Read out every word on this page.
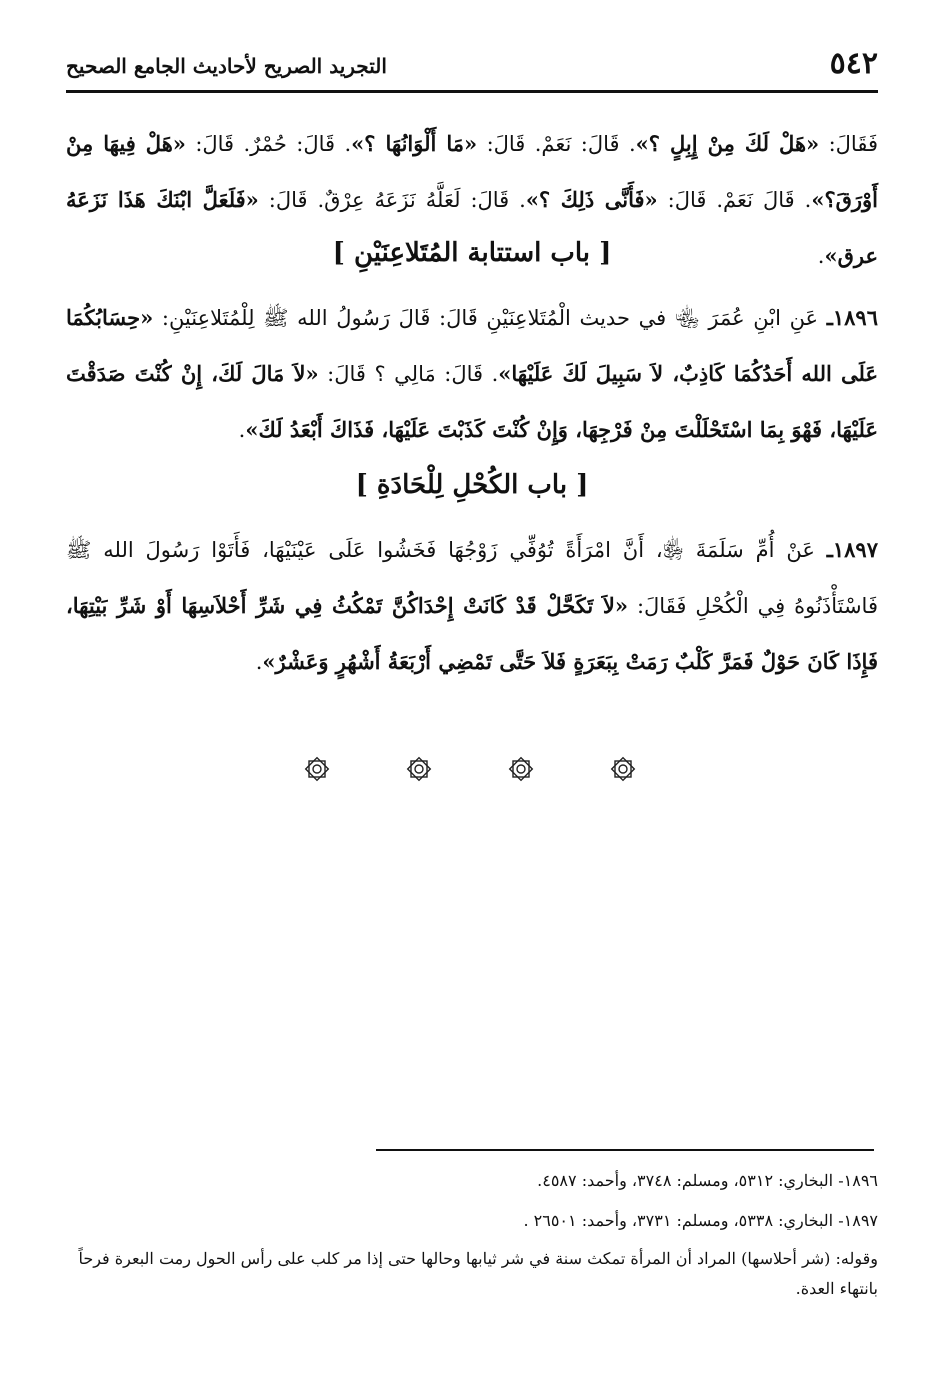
٥٤٢
التجريد الصريح لأحاديث الجامع الصحيح

فَقَالَ: «هَلْ لَكَ مِنْ إِبِلٍ ؟». قَالَ: نَعَمْ. قَالَ: «مَا أَلْوَانُهَا ؟». قَالَ: حُمْرٌ. قَالَ: «هَلْ فِيهَا مِنْ أَوْرَقَ؟». قَالَ نَعَمْ. قَالَ: «فَأَنَّى ذَلِكَ ؟». قَالَ: لَعَلَّهُ نَزَعَهُ عِرْقٌ. قَالَ: «فَلَعَلَّ ابْنَكَ هَذَا نَزَعَهُ عرق».

[ باب استتابة المُتَلاعِنَيْنِ ]

١٨٩٦ـ عَنِ ابْنِ عُمَرَ ﵄ في حديث الْمُتَلاعِنَيْنِ قَالَ: قَالَ رَسُولُ الله ﷺ لِلْمُتَلاعِنَيْنِ: «حِسَابُكُمَا عَلَى الله أَحَدُكُمَا كَاذِبٌ، لاَ سَبِيلَ لَكَ عَلَيْهَا». قَالَ: مَالِي ؟ قَالَ: «لاَ مَالَ لَكَ، إِنْ كُنْتَ صَدَقْتَ عَلَيْهَا، فَهْوَ بِمَا اسْتَحْلَلْتَ مِنْ فَرْجِهَا، وَإِنْ كُنْتَ كَذَبْتَ عَلَيْهَا، فَذَاكَ أَبْعَدُ لَكَ».

[ باب الكُحْلِ لِلْحَادَةِ ]

١٨٩٧ـ عَنْ أُمِّ سَلَمَةَ ﵂، أَنَّ امْرَأَةً تُوُفِّي زَوْجُهَا فَخَشُوا عَلَى عَيْنَيْهَا، فَأَتَوْا رَسُولَ الله ﷺ فَاسْتَأْذَنُوهُ فِي الْكُحْلِ فَقَالَ: «لاَ تَكَحَّلْ قَدْ كَانَتْ إِحْدَاكُنَّ تَمْكُثُ فِي شَرِّ أَحْلاَسِهَا أَوْ شَرِّ بَيْتِهَا، فَإِذَا كَانَ حَوْلٌ فَمَرَّ كَلْبٌ رَمَتْ بِبَعَرَةٍ فَلاَ حَتَّى تَمْضِي أَرْبَعَةُ أَشْهُرٍ وَعَشْرٌ».

١٨٩٦- البخاري: ٥٣١٢، ومسلم: ٣٧٤٨، وأحمد: ٤٥٨٧.

١٨٩٧- البخاري: ٥٣٣٨، ومسلم: ٣٧٣١، وأحمد: ٢٦٥٠١ .

وقوله: (شر أحلاسها) المراد أن المرأة تمكث سنة في شر ثيابها وحالها حتى إذا مر كلب على رأس الحول رمت البعرة فرحاً بانتهاء العدة.
